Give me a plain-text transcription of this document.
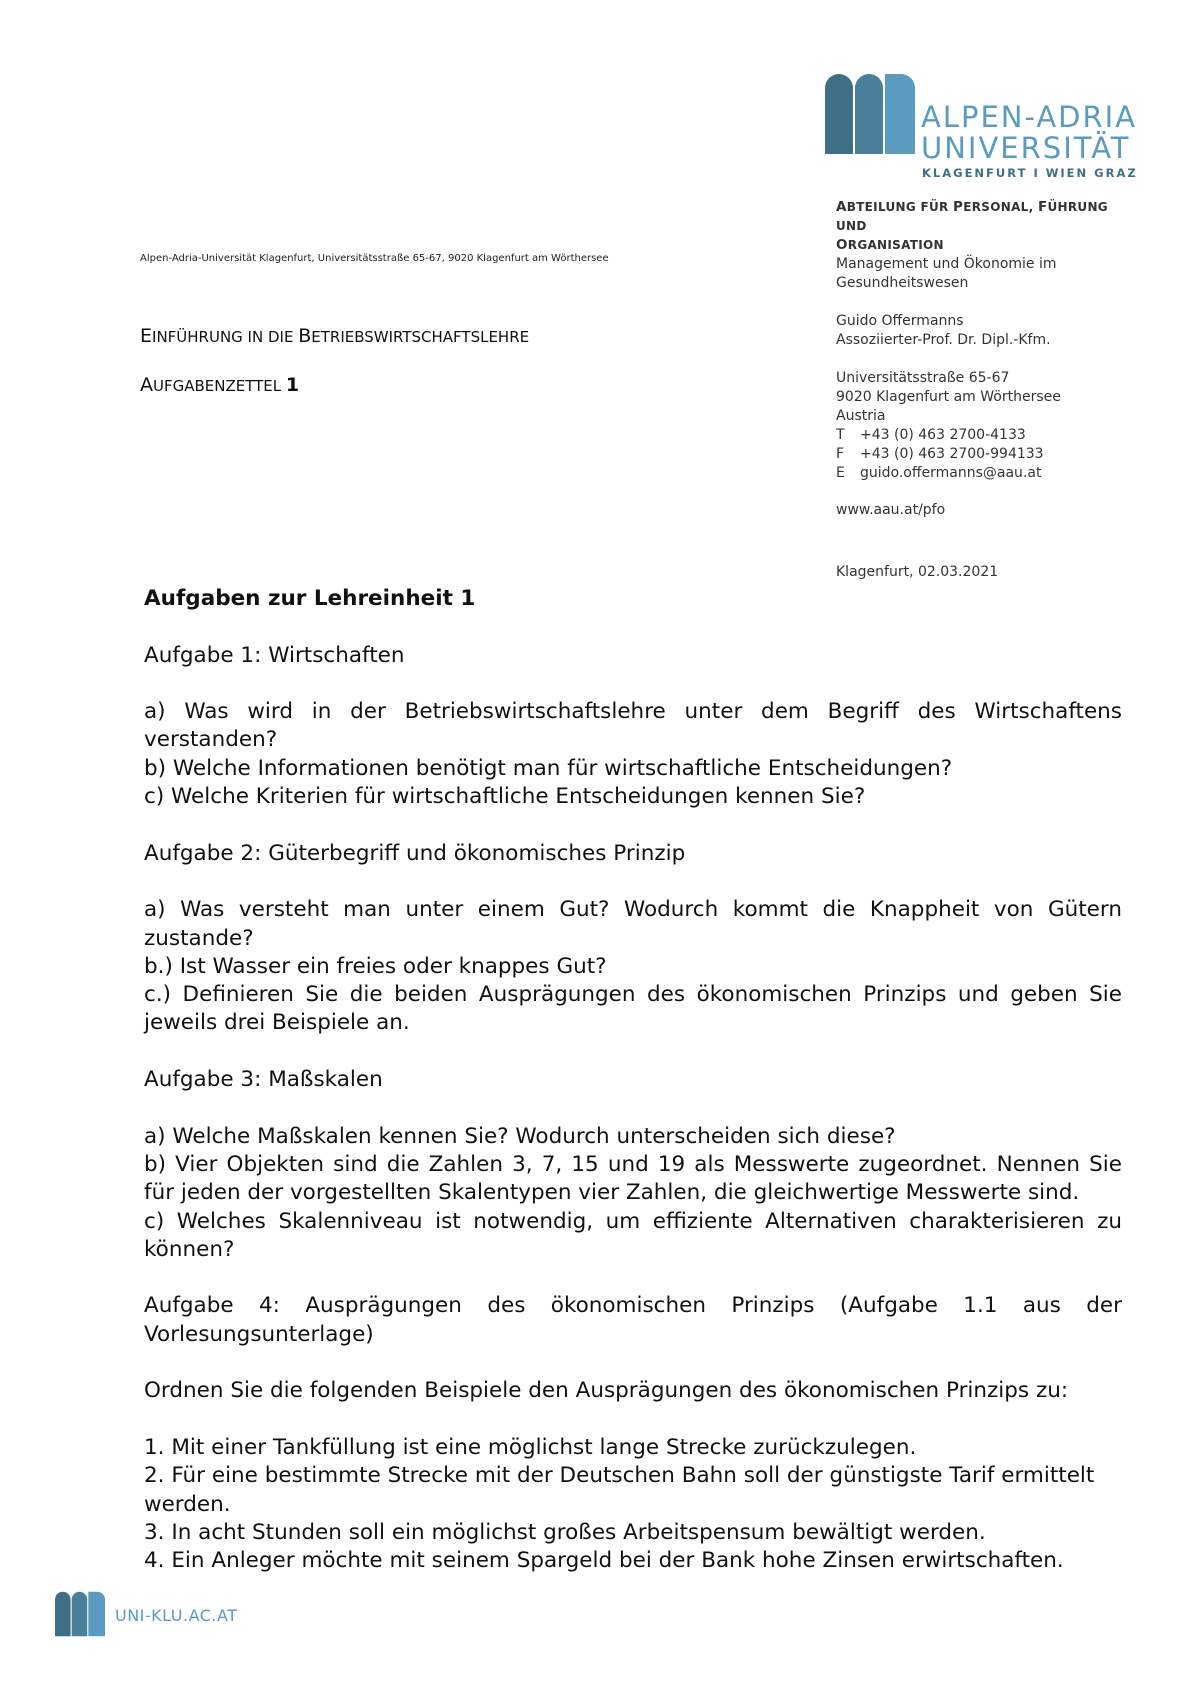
ALPEN-ADRIA
UNIVERSITÄT
KLAGENFURT I WIEN GRAZ
Alpen-Adria-Universität Klagenfurt, Universitätsstraße 65-67, 9020 Klagenfurt am Wörthersee
EINFÜHRUNG IN DIE BETRIEBSWIRTSCHAFTSLEHRE
AUFGABENZETTEL 1

ABTEILUNG FÜR PERSONAL, FÜHRUNG UND

ORGANISATION

Management und Ökonomie im

Gesundheitswesen

Guido Offermanns

Assoziierter-Prof. Dr. Dipl.-Kfm.

Universitätsstraße 65-67

9020 Klagenfurt am Wörthersee

Austria

T +43 (0) 463 2700-4133

F +43 (0) 463 2700-994133

E guido.offermanns@aau.at

www.aau.at/pfo

Klagenfurt, 02.03.2021

Aufgaben zur Lehreinheit 1

Aufgabe 1: Wirtschaften

a) Was wird in der Betriebswirtschaftslehre unter dem Begriff des Wirtschaftens verstanden?

b) Welche Informationen benötigt man für wirtschaftliche Entscheidungen?

c) Welche Kriterien für wirtschaftliche Entscheidungen kennen Sie?

Aufgabe 2: Güterbegriff und ökonomisches Prinzip

a) Was versteht man unter einem Gut? Wodurch kommt die Knappheit von Gütern zustande?

b.) Ist Wasser ein freies oder knappes Gut?

c.) Definieren Sie die beiden Ausprägungen des ökonomischen Prinzips und geben Sie jeweils drei Beispiele an.

Aufgabe 3: Maßskalen

a) Welche Maßskalen kennen Sie? Wodurch unterscheiden sich diese?

b) Vier Objekten sind die Zahlen 3, 7, 15 und 19 als Messwerte zugeordnet. Nennen Sie für jeden der vorgestellten Skalentypen vier Zahlen, die gleichwertige Messwerte sind.

c) Welches Skalenniveau ist notwendig, um effiziente Alternativen charakterisieren zu können?

Aufgabe 4: Ausprägungen des ökonomischen Prinzips (Aufgabe 1.1 aus der Vorlesungsunterlage)

Ordnen Sie die folgenden Beispiele den Ausprägungen des ökonomischen Prinzips zu:

1. Mit einer Tankfüllung ist eine möglichst lange Strecke zurückzulegen.

2. Für eine bestimmte Strecke mit der Deutschen Bahn soll der günstigste Tarif ermittelt werden.

3. In acht Stunden soll ein möglichst großes Arbeitspensum bewältigt werden.

4. Ein Anleger möchte mit seinem Spargeld bei der Bank hohe Zinsen erwirtschaften.

UNI-KLU.AC.AT
